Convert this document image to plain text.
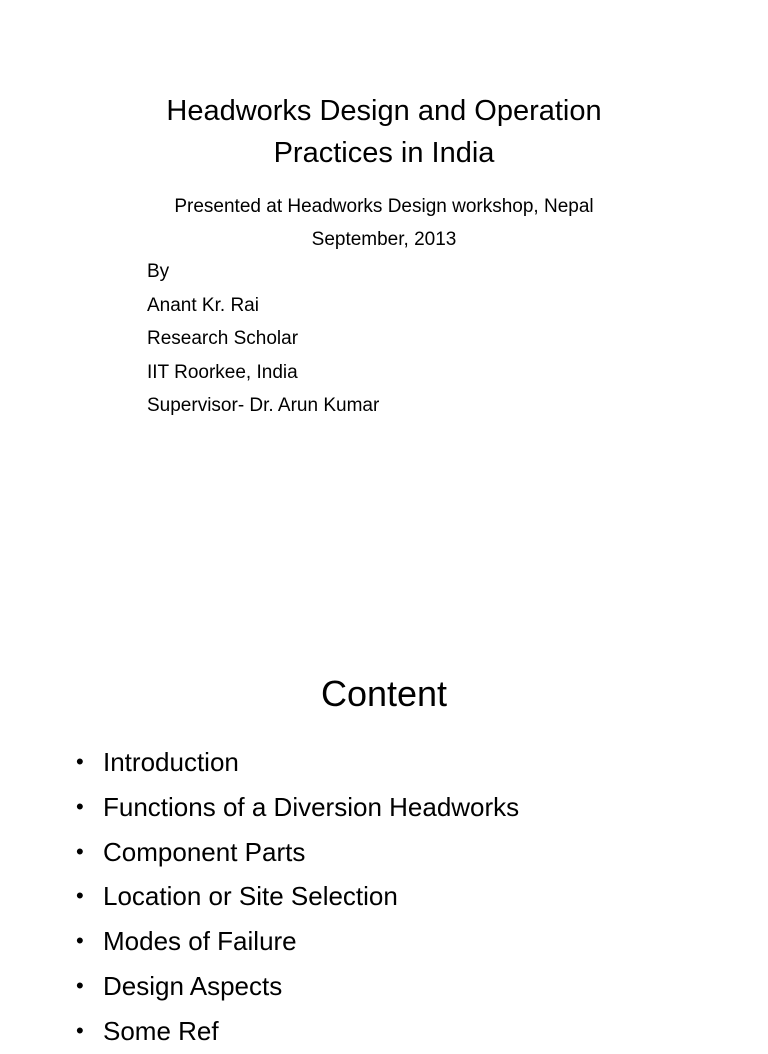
Headworks Design and Operation
Practices in India
Presented at Headworks Design workshop, Nepal
September, 2013
By
Anant Kr. Rai
Research Scholar
IIT Roorkee, India
Supervisor- Dr. Arun Kumar
Content
• Introduction
• Functions of a Diversion Headworks
• Component Parts
• Location or Site Selection
• Modes of Failure
• Design Aspects
• Some Ref
